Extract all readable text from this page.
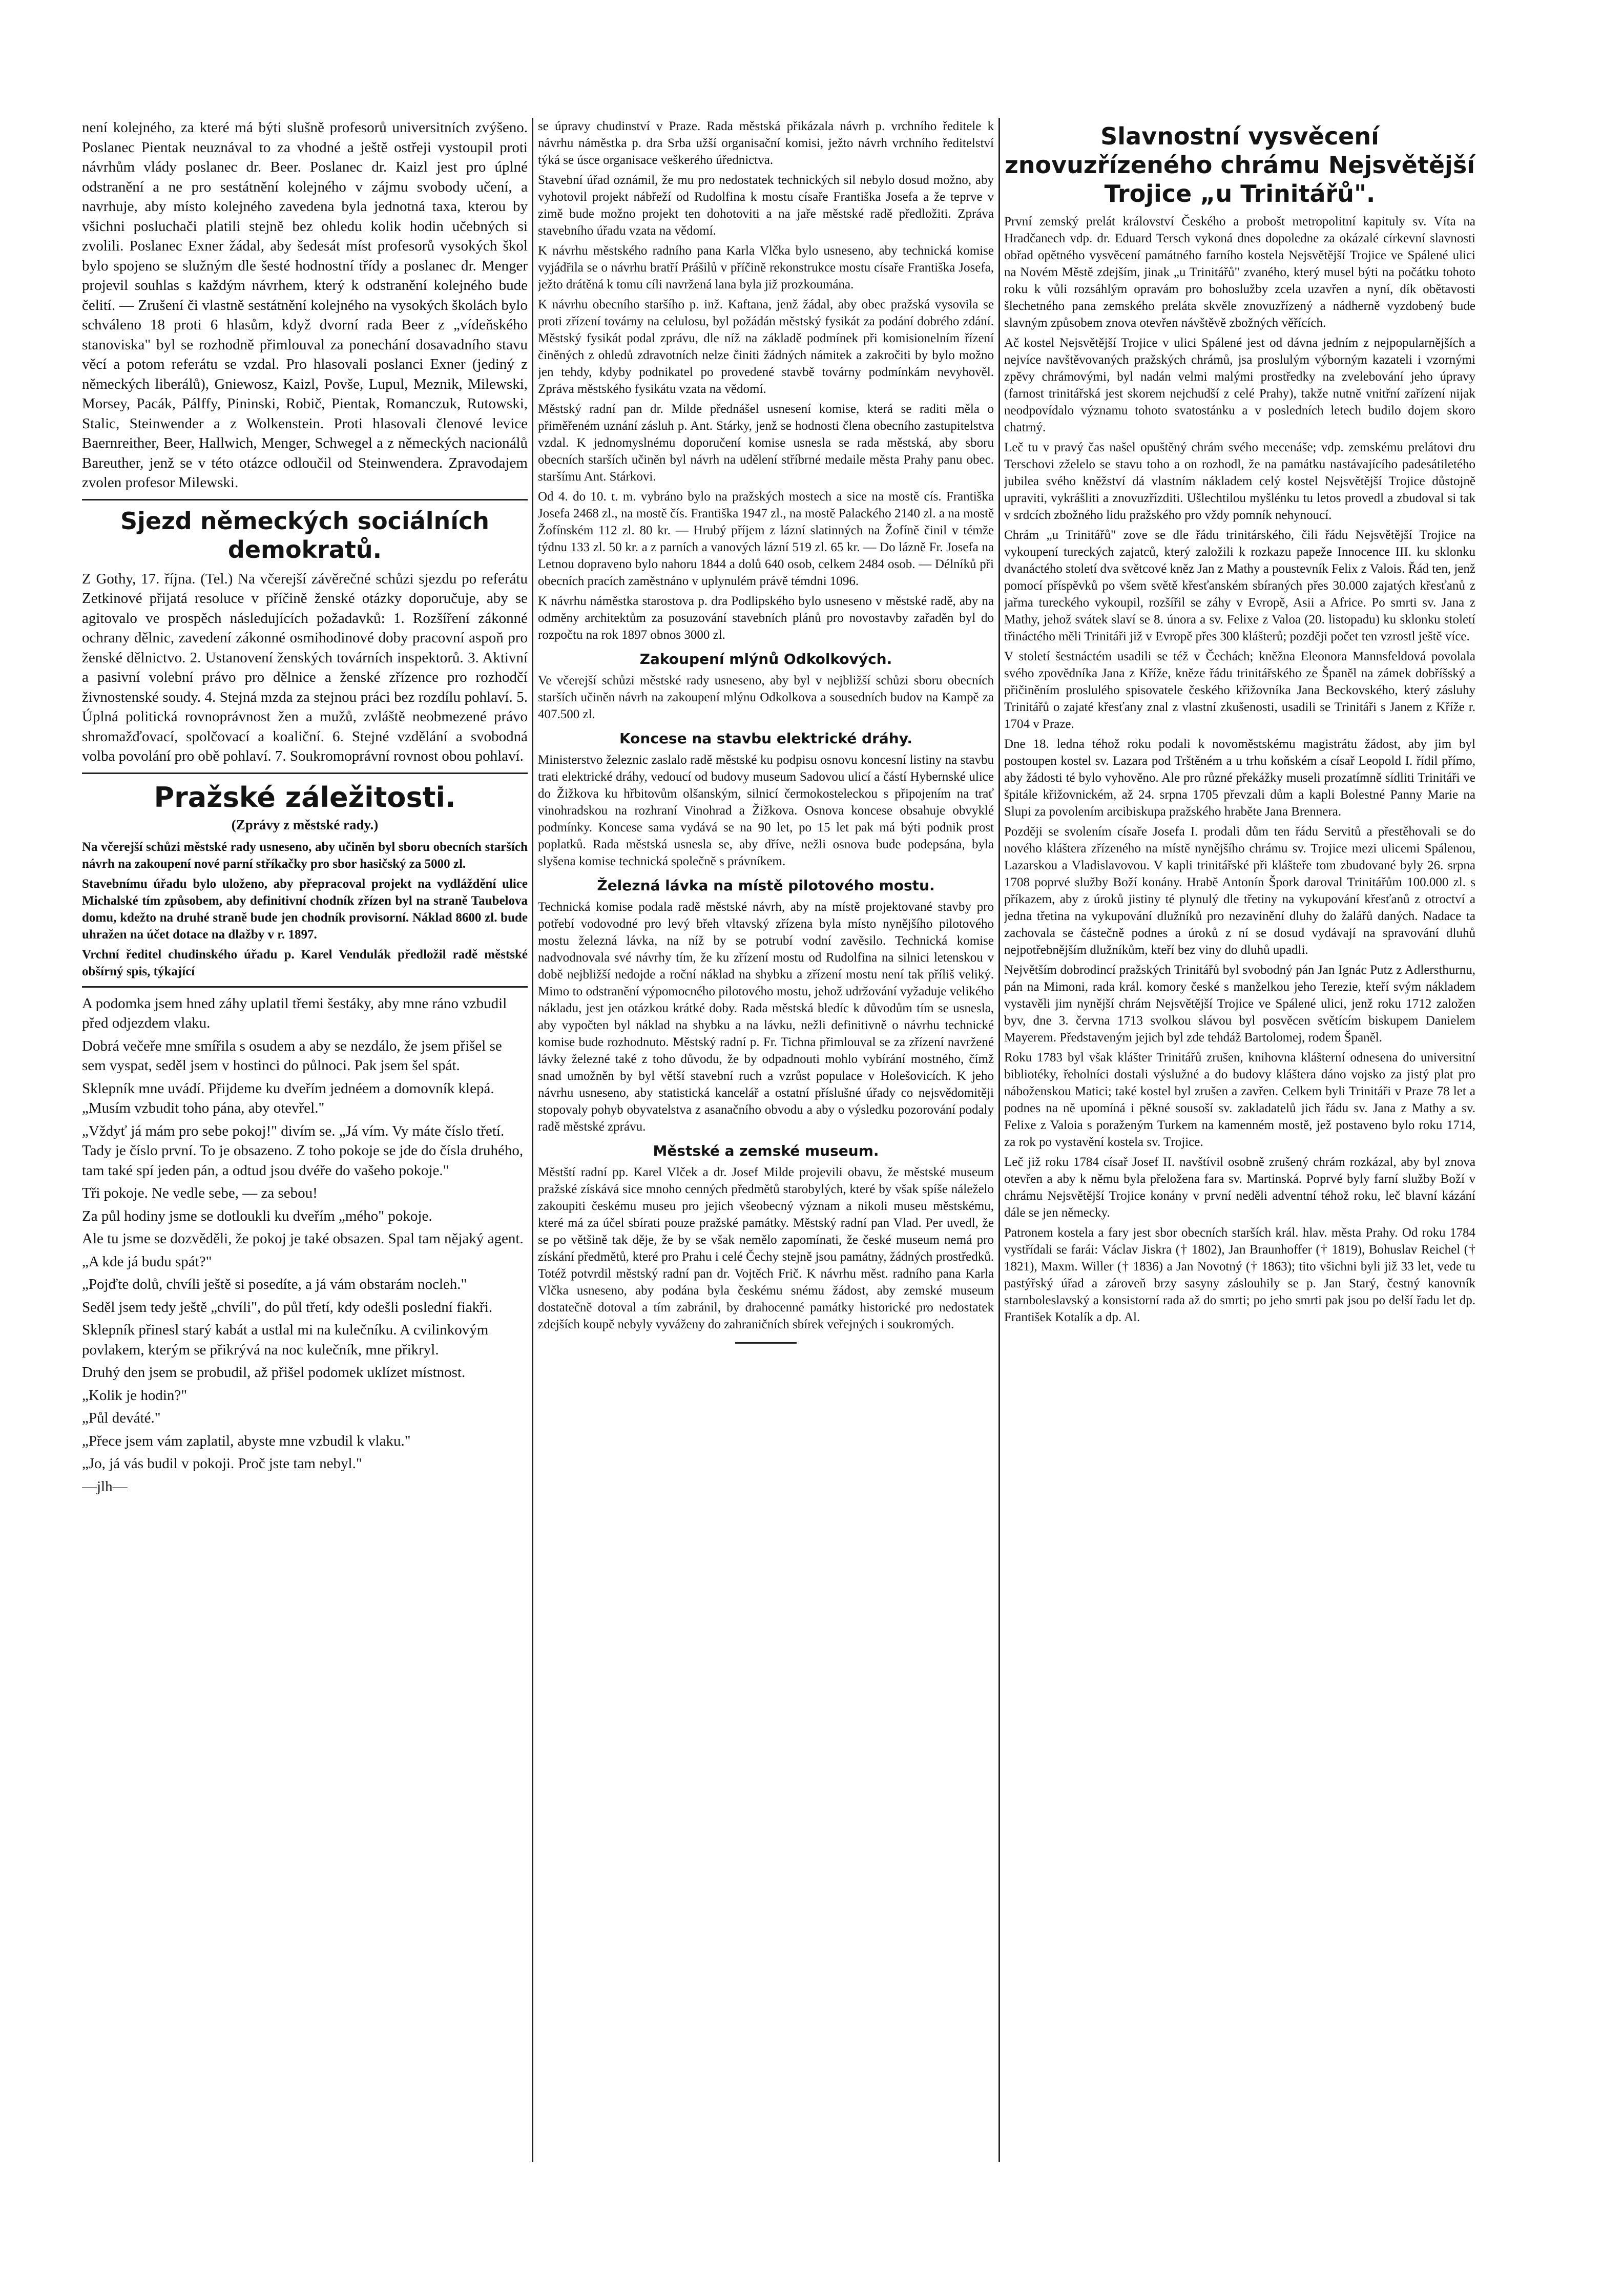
není kolejného, za které má býti slušně profesorů universitních zvýšeno. Poslanec Pientak neuznával to za vhodné a ještě ostřeji vystoupil proti návrhům vlády poslanec dr. Beer. Poslanec dr. Kaizl jest pro úplné odstranění a ne pro sestátnění kolejného v zájmu svobody učení, a navrhuje, aby místo kolejného zavedena byla jednotná taxa, kterou by všichni posluchači platili stejně bez ohledu kolik hodin učebných si zvolili. Poslanec Exner žádal, aby šedesát míst profesorů vysokých škol bylo spojeno se služným dle šesté hodnostní třídy a poslanec dr. Menger projevil souhlas s každým návrhem, který k odstranění kolejného bude čelití. — Zrušení či vlastně sestátnění kolejného na vysokých školách bylo schváleno 18 proti 6 hlasům, když dvorní rada Beer z „vídeňského stanoviska" byl se rozhodně přimlouval za ponechání dosavadního stavu věcí a potom referátu se vzdal. Pro hlasovali poslanci Exner (jediný z německých liberálů), Gniewosz, Kaizl, Povše, Lupul, Meznik, Milewski, Morsey, Pacák, Pálffy, Pininski, Robič, Pientak, Romanczuk, Rutowski, Stalic, Steinwender a z Wolkenstein. Proti hlasovali členové levice Baernreither, Beer, Hallwich, Menger, Schwegel a z německých nacionálů Bareuther, jenž se v této otázce odloučil od Steinwendera. Zpravodajem zvolen profesor Milewski.

Sjezd německých sociálních demokratů.

Z Gothy, 17. října. (Tel.) Na včerejší závěrečné schůzi sjezdu po referátu Zetkinové přijatá resoluce v příčině ženské otázky doporučuje, aby se agitovalo ve prospěch následujících požadavků: 1. Rozšíření zákonné ochrany dělnic, zavedení zákonné osmihodinové doby pracovní aspoň pro ženské dělnictvo. 2. Ustanovení ženských továrních inspektorů. 3. Aktivní a pasivní volební právo pro dělnice a ženské zřízence pro rozhodčí živnostenské soudy. 4. Stejná mzda za stejnou práci bez rozdílu pohlaví. 5. Úplná politická rovnoprávnost žen a mužů, zvláště neobmezené právo shromažďovací, spolčovací a koaliční. 6. Stejné vzdělání a svobodná volba povolání pro obě pohlaví. 7. Soukromoprávní rovnost obou pohlaví.

Pražské záležitosti.
(Zprávy z městské rady.)

Na včerejší schůzi městské rady usneseno, aby učiněn byl sboru obecních starších návrh na zakoupení nové parní stříkačky pro sbor hasičský za 5000 zl.

Stavebnímu úřadu bylo uloženo, aby přepracoval projekt na vydláždění ulice Michalské tím způsobem, aby definitivní chodník zřízen byl na straně Taubelova domu, kdežto na druhé straně bude jen chodník provisorní. Náklad 8600 zl. bude uhražen na účet dotace na dlažby v r. 1897.

Vrchní ředitel chudinského úřadu p. Karel Vendulák předložil radě městské obšírný spis, týkající

A podomka jsem hned záhy uplatil třemi šestáky, aby mne ráno vzbudil před odjezdem vlaku.

Dobrá večeře mne smířila s osudem a aby se nezdálo, že jsem přišel se sem vyspat, seděl jsem v hostinci do půlnoci. Pak jsem šel spát.

Sklepník mne uvádí. Přijdeme ku dveřím jednéem a domovník klepá. „Musím vzbudit toho pána, aby otevřel."

„Vždyť já mám pro sebe pokoj!" divím se. „Já vím. Vy máte číslo třetí. Tady je číslo první. To je obsazeno. Z toho pokoje se jde do čísla druhého, tam také spí jeden pán, a odtud jsou dvéře do vašeho pokoje."

Tři pokoje. Ne vedle sebe, — za sebou!

Za půl hodiny jsme se dotloukli ku dveřím „mého" pokoje.

Ale tu jsme se dozvěděli, že pokoj je také obsazen. Spal tam nějaký agent.

„A kde já budu spát?"

„Pojďte dolů, chvíli ještě si posedíte, a já vám obstarám nocleh."

Seděl jsem tedy ještě „chvíli", do půl třetí, kdy odešli poslední fiakři.

Sklepník přinesl starý kabát a ustlal mi na kulečníku. A cvilinkovým povlakem, kterým se přikrývá na noc kulečník, mne přikryl.

Druhý den jsem se probudil, až přišel podomek uklízet místnost.

„Kolik je hodin?"

„Půl deváté."

„Přece jsem vám zaplatil, abyste mne vzbudil k vlaku."

„Jo, já vás budil v pokoji. Proč jste tam nebyl."

—jlh—

se úpravy chudinství v Praze. Rada městská přikázala návrh p. vrchního ředitele k návrhu náměstka p. dra Srba užší organisační komisi, ježto návrh vrchního ředitelství týká se úsce organisace veškerého úřednictva.

Stavební úřad oznámil, že mu pro nedostatek technických sil nebylo dosud možno, aby vyhotovil projekt nábřeží od Rudolfina k mostu císaře Františka Josefa a že teprve v zimě bude možno projekt ten dohotoviti a na jaře městské radě předložiti. Zpráva stavebního úřadu vzata na vědomí.

K návrhu městského radního pana Karla Vlčka bylo usneseno, aby technická komise vyjádřila se o návrhu bratří Prášilů v příčině rekonstrukce mostu císaře Františka Josefa, ježto drátěná k tomu cíli navržená lana byla již prozkoumána.

K návrhu obecního staršího p. inž. Kaftana, jenž žádal, aby obec pražská vysovila se proti zřízení továrny na celulosu, byl požádán městský fysikát za podání dobrého zdání. Městský fysikát podal zprávu, dle níž na základě podmínek při komisionelním řízení činěných z ohledů zdravotních nelze činiti žádných námitek a zakročiti by bylo možno jen tehdy, kdyby podnikatel po provedené stavbě továrny podmínkám nevyhověl. Zpráva městského fysikátu vzata na vědomí.

Městský radní pan dr. Milde přednášel usnesení komise, která se raditi měla o přiměřeném uznání zásluh p. Ant. Stárky, jenž se hodnosti člena obecního zastupitelstva vzdal. K jednomyslnému doporučení komise usnesla se rada městská, aby sboru obecních starších učiněn byl návrh na udělení stříbrné medaile města Prahy panu obec. staršímu Ant. Stárkovi.

Od 4. do 10. t. m. vybráno bylo na pražských mostech a sice na mostě cís. Františka Josefa 2468 zl., na mostě čís. Františka 1947 zl., na mostě Palackého 2140 zl. a na mostě Žofínském 112 zl. 80 kr. — Hrubý příjem z lázní slatinných na Žofíně činil v témže týdnu 133 zl. 50 kr. a z parních a vanových lázní 519 zl. 65 kr. — Do lázně Fr. Josefa na Letnou dopraveno bylo nahoru 1844 a dolů 640 osob, celkem 2484 osob. — Délníků při obecních pracích zaměstnáno v uplynulém právě témdni 1096.

K návrhu náměstka starostova p. dra Podlipského bylo usneseno v městské radě, aby na odměny architektům za posuzování stavebních plánů pro novostavby zařaděn byl do rozpočtu na rok 1897 obnos 3000 zl.

Zakoupení mlýnů Odkolkových.

Ve včerejší schůzi městské rady usneseno, aby byl v nejbližší schůzi sboru obecních starších učiněn návrh na zakoupení mlýnu Odkolkova a sousedních budov na Kampě za 407.500 zl.

Koncese na stavbu elektrické dráhy.

Ministerstvo železnic zaslalo radě městské ku podpisu osnovu koncesní listiny na stavbu trati elektrické dráhy, vedoucí od budovy museum Sadovou ulicí a částí Hybernské ulice do Žižkova ku hřbitovům olšanským, silnicí čermokosteleckou s připojením na trať vinohradskou na rozhraní Vinohrad a Žižkova. Osnova koncese obsahuje obvyklé podmínky. Koncese sama vydává se na 90 let, po 15 let pak má býti podnik prost poplatků. Rada městská usnesla se, aby dříve, nežli osnova bude podepsána, byla slyšena komise technická společně s právníkem.

Železná lávka na místě pilotového mostu.

Technická komise podala radě městské návrh, aby na místě projektované stavby pro potřebí vodovodné pro levý břeh vltavský zřízena byla místo nynějšího pilotového mostu železná lávka, na níž by se potrubí vodní zavěsilo. Technická komise nadvodnovala své návrhy tím, že ku zřízení mostu od Rudolfina na silnici letenskou v době nejbližší nedojde a roční náklad na shybku a zřízení mostu není tak příliš veliký. Mimo to odstranění výpomocného pilotového mostu, jehož udržování vyžaduje velikého nákladu, jest jen otázkou krátké doby. Rada městská bledíc k důvodům tím se usnesla, aby vypočten byl náklad na shybku a na lávku, nežli definitivně o návrhu technické komise bude rozhodnuto. Městský radní p. Fr. Tichna přimlouval se za zřízení navržené lávky železné také z toho důvodu, že by odpadnouti mohlo vybírání mostného, čímž snad umožněn by byl větší stavební ruch a vzrůst populace v Holešovicích. K jeho návrhu usneseno, aby statistická kancelář a ostatní příslušné úřady co nejsvědomitěji stopovaly pohyb obyvatelstva z asanačního obvodu a aby o výsledku pozorování podaly radě městské zprávu.

Městské a zemské museum.

Městští radní pp. Karel Vlček a dr. Josef Milde projevili obavu, že městské museum pražské získává sice mnoho cenných předmětů starobylých, které by však spíše náleželo zakoupiti českému museu pro jejich všeobecný význam a nikoli museu městskému, které má za účel sbírati pouze pražské památky. Městský radní pan Vlad. Per uvedl, že se po většině tak děje, že by se však nemělo zapomínati, že české museum nemá pro získání předmětů, které pro Prahu i celé Čechy stejně jsou památny, žádných prostředků. Totéž potvrdil městský radní pan dr. Vojtěch Frič. K návrhu měst. radního pana Karla Vlčka usneseno, aby podána byla českému snému žádost, aby zemské museum dostatečně dotoval a tím zabránil, by drahocenné památky historické pro nedostatek zdejších koupě nebyly vyváženy do zahraničních sbírek veřejných i soukromých.

Slavnostní vysvěcení znovuzřízeného chrámu Nejsvětější Trojice „u Trinitářů".

První zemský prelát království Českého a probošt metropolitní kapituly sv. Víta na Hradčanech vdp. dr. Eduard Tersch vykoná dnes dopoledne za okázalé církevní slavnosti obřad opětného vysvěcení památného farního kostela Nejsvětější Trojice ve Spálené ulici na Novém Městě zdejším, jinak „u Trinitářů" zvaného, který musel býti na počátku tohoto roku k vůli rozsáhlým opravám pro bohoslužby zcela uzavřen a nyní, dík obětavosti šlechetného pana zemského preláta skvěle znovuzřízený a nádherně vyzdobený bude slavným způsobem znova otevřen návštěvě zbožných věřících.

Ač kostel Nejsvětější Trojice v ulici Spálené jest od dávna jedním z nejpopularnějších a nejvíce navštěvovaných pražských chrámů, jsa proslulým výborným kazateli i vzornými zpěvy chrámovými, byl nadán velmi malými prostředky na zvelebování jeho úpravy (farnost trinitářská jest skorem nejchudší z celé Prahy), takže nutně vnitřní zařízení nijak neodpovídalo významu tohoto svatostánku a v posledních letech budilo dojem skoro chatrný.

Leč tu v pravý čas našel opuštěný chrám svého mecenáše; vdp. zemskému prelátovi dru Terschovi zželelo se stavu toho a on rozhodl, že na památku nastávajícího padesátiletého jubilea svého kněžství dá vlastním nákladem celý kostel Nejsvětější Trojice důstojně upraviti, vykrášliti a znovuzřízditi. Ušlechtilou myšlénku tu letos provedl a zbudoval si tak v srdcích zbožného lidu pražského pro vždy pomník nehynoucí.

Chrám „u Trinitářů" zove se dle řádu trinitárského, čili řádu Nejsvětější Trojice na vykoupení tureckých zajatců, který založili k rozkazu papeže Innocence III. ku sklonku dvanáctého století dva světcové kněz Jan z Mathy a poustevník Felix z Valois. Řád ten, jenž pomocí příspěvků po všem světě křesťanském sbíraných přes 30.000 zajatých křesťanů z jařma tureckého vykoupil, rozšířil se záhy v Evropě, Asii a Africe. Po smrti sv. Jana z Mathy, jehož svátek slaví se 8. února a sv. Felixe z Valoa (20. listopadu) ku sklonku století třináctého měli Trinitáři již v Evropě přes 300 klášterů; později počet ten vzrostl ještě více.

V století šestnáctém usadili se též v Čechách; kněžna Eleonora Mannsfeldová povolala svého zpovědníka Jana z Kříže, kněze řádu trinitářského ze Španěl na zámek dobříšský a přičiněním proslulého spisovatele českého křižovníka Jana Beckovského, který zásluhy Trinitářů o zajaté křesťany znal z vlastní zkušenosti, usadili se Trinitáři s Janem z Kříže r. 1704 v Praze.

Dne 18. ledna téhož roku podali k novoměstskému magistrátu žádost, aby jim byl postoupen kostel sv. Lazara pod Trštěném a u trhu koňském a císař Leopold I. řídil přímo, aby žádosti té bylo vyhověno. Ale pro různé překážky museli prozatímně sídliti Trinitáři ve špitále křižovnickém, až 24. srpna 1705 převzali dům a kapli Bolestné Panny Marie na Slupi za povolením arcibiskupa pražského hraběte Jana Brennera.

Později se svolením císaře Josefa I. prodali dům ten řádu Servitů a přestěhovali se do nového kláštera zřízeného na místě nynějšího chrámu sv. Trojice mezi ulicemi Spálenou, Lazarskou a Vladislavovou. V kapli trinitářské při klášteře tom zbudované byly 26. srpna 1708 poprvé služby Boží konány. Hrabě Antonín Špork daroval Trinitářům 100.000 zl. s příkazem, aby z úroků jistiny té plynulý dle třetiny na vykupování křesťanů z otroctví a jedna třetina na vykupování dlužníků pro nezavinění dluhy do žalářů daných. Nadace ta zachovala se částečně podnes a úroků z ní se dosud vydávají na spravování dluhů nejpotřebnějším dlužníkům, kteří bez viny do dluhů upadli.

Největším dobrodincí pražských Trinitářů byl svobodný pán Jan Ignác Putz z Adlersthurnu, pán na Mimoni, rada král. komory české s manželkou jeho Terezie, kteří svým nákladem vystavěli jim nynější chrám Nejsvětější Trojice ve Spálené ulici, jenž roku 1712 založen byv, dne 3. června 1713 svolkou slávou byl posvěcen světícím biskupem Danielem Mayerem. Představeným jejich byl zde tehdáž Bartolomej, rodem Španěl.

Roku 1783 byl však klášter Trinitářů zrušen, knihovna klášterní odnesena do universitní bibliotéky, řeholníci dostali výslužné a do budovy kláštera dáno vojsko za jistý plat pro náboženskou Matici; také kostel byl zrušen a zavřen. Celkem byli Trinitáři v Praze 78 let a podnes na ně upomíná i pěkné sousoší sv. zakladatelů jich řádu sv. Jana z Mathy a sv. Felixe z Valoia s poraženým Turkem na kamenném mostě, jež postaveno bylo roku 1714, za rok po vystavění kostela sv. Trojice.

Leč již roku 1784 císař Josef II. navštívil osobně zrušený chrám rozkázal, aby byl znova otevřen a aby k němu byla přeložena fara sv. Martinská. Poprvé byly farní služby Boží v chrámu Nejsvětější Trojice konány v první neděli adventní téhož roku, leč blavní kázání dále se jen německy.

Patronem kostela a fary jest sbor obecních starších král. hlav. města Prahy. Od roku 1784 vystřídali se farái: Václav Jiskra († 1802), Jan Braunhoffer († 1819), Bohuslav Reichel († 1821), Maxm. Willer († 1836) a Jan Novotný († 1863); tito všichni byli již 33 let, vede tu pastýřský úřad a zároveň brzy sasyny záslouhily se p. Jan Starý, čestný kanovník starnboleslavský a konsistorní rada až do smrti; po jeho smrti pak jsou po delší řadu let dp. František Kotalík a dp. Al.
